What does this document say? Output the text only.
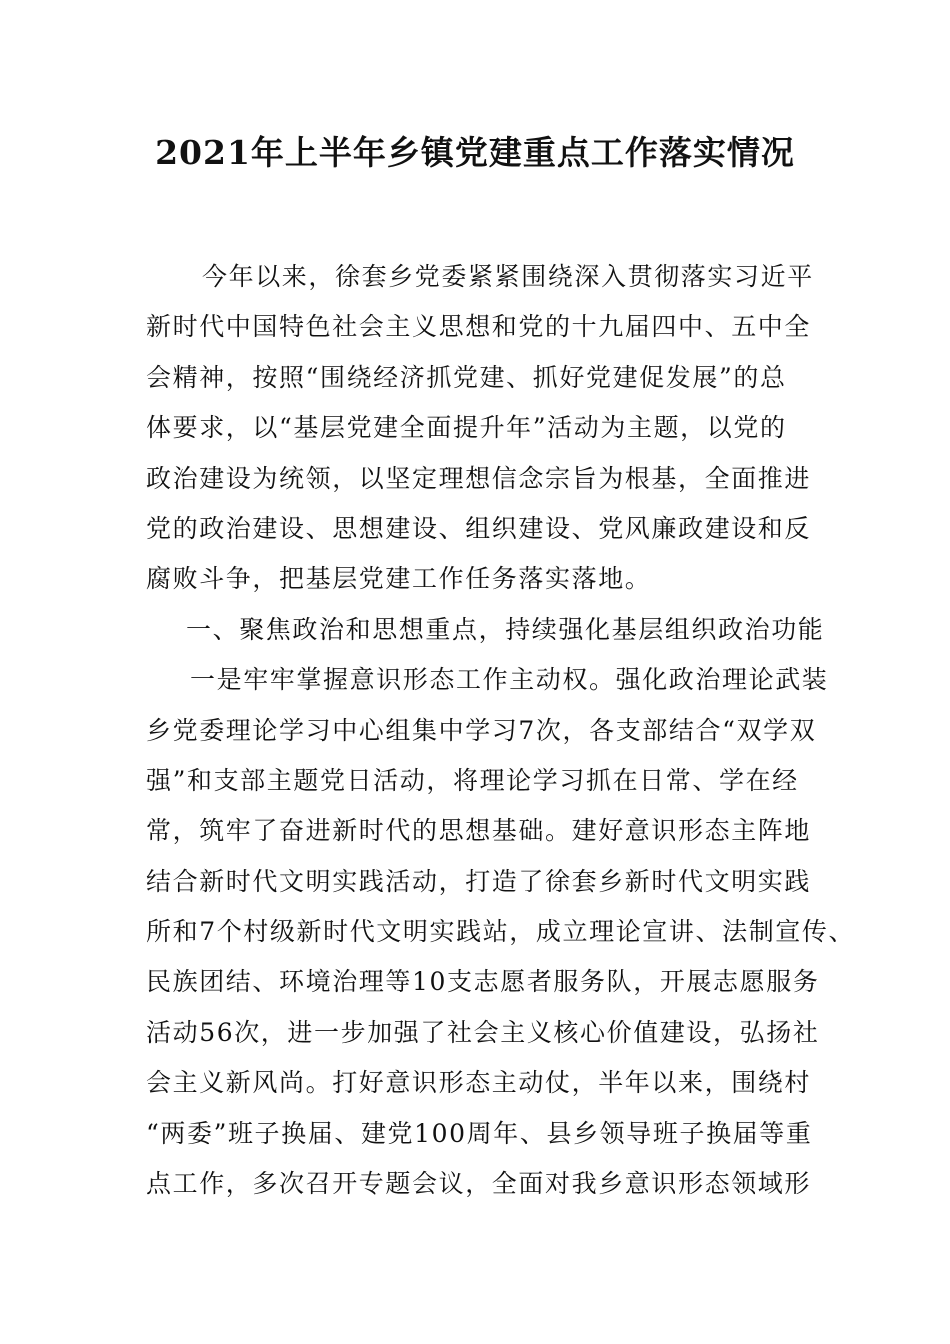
2021年上半年乡镇党建重点工作落实情况
今年以来，徐套乡党委紧紧围绕深入贯彻落实习近平
新时代中国特色社会主义思想和党的十九届四中、五中全
会精神，按照“围绕经济抓党建、抓好党建促发展”的总
体要求，以“基层党建全面提升年”活动为主题，以党的
政治建设为统领，以坚定理想信念宗旨为根基，全面推进
党的政治建设、思想建设、组织建设、党风廉政建设和反
腐败斗争，把基层党建工作任务落实落地。
一、聚焦政治和思想重点，持续强化基层组织政治功能
一是牢牢掌握意识形态工作主动权。强化政治理论武装
乡党委理论学习中心组集中学习7次，各支部结合“双学双
强”和支部主题党日活动，将理论学习抓在日常、学在经
常，筑牢了奋进新时代的思想基础。建好意识形态主阵地
结合新时代文明实践活动，打造了徐套乡新时代文明实践
所和7个村级新时代文明实践站，成立理论宣讲、法制宣传、
民族团结、环境治理等10支志愿者服务队，开展志愿服务
活动56次，进一步加强了社会主义核心价值建设，弘扬社
会主义新风尚。打好意识形态主动仗，半年以来，围绕村
“两委”班子换届、建党100周年、县乡领导班子换届等重
点工作，多次召开专题会议，全面对我乡意识形态领域形
